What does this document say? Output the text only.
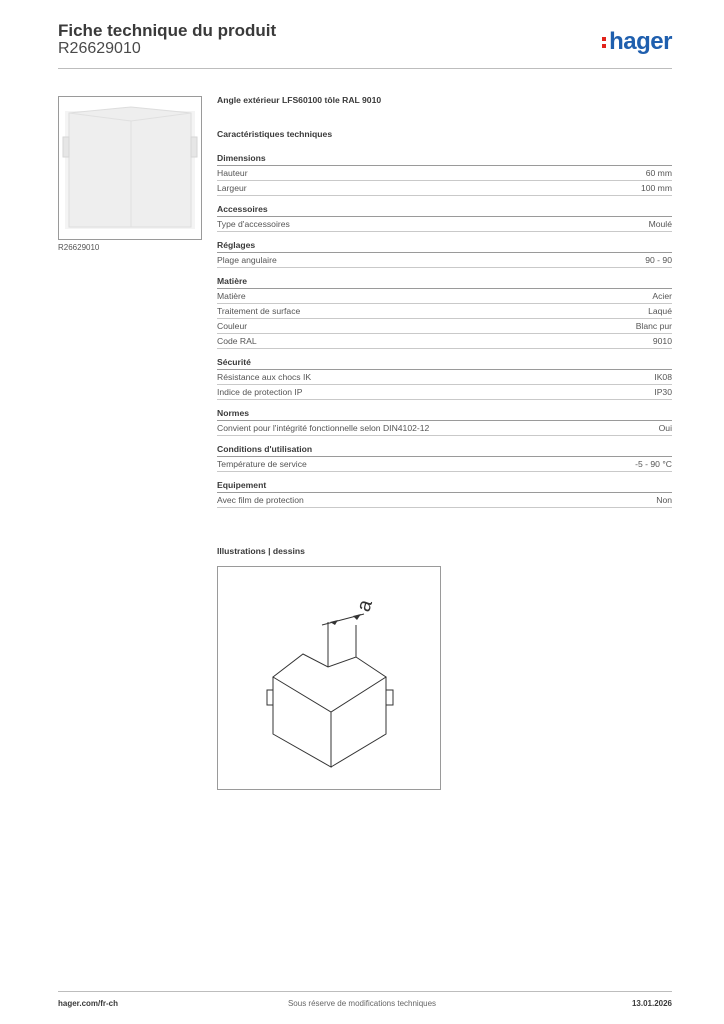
Fiche technique du produit
R26629010	hager
R26629010
Angle extérieur LFS60100 tôle RAL 9010
Caractéristiques techniques
Dimensions
Hauteur	60 mm
Largeur	100 mm
Accessoires
Type d'accessoires	Moulé
Réglages
Plage angulaire	90 - 90
Matière
Matière	Acier
Traitement de surface	Laqué
Couleur	Blanc pur
Code RAL	9010
Sécurité
Résistance aux chocs IK	IK08
Indice de protection IP	IP30
Normes
Convient pour l'intégrité fonctionnelle selon DIN4102-12	Oui
Conditions d'utilisation
Température de service	-5 - 90 °C
Equipement
Avec film de protection	Non
Illustrations | dessins
a
hager.com/fr-ch	Sous réserve de modifications techniques	13.01.2026
